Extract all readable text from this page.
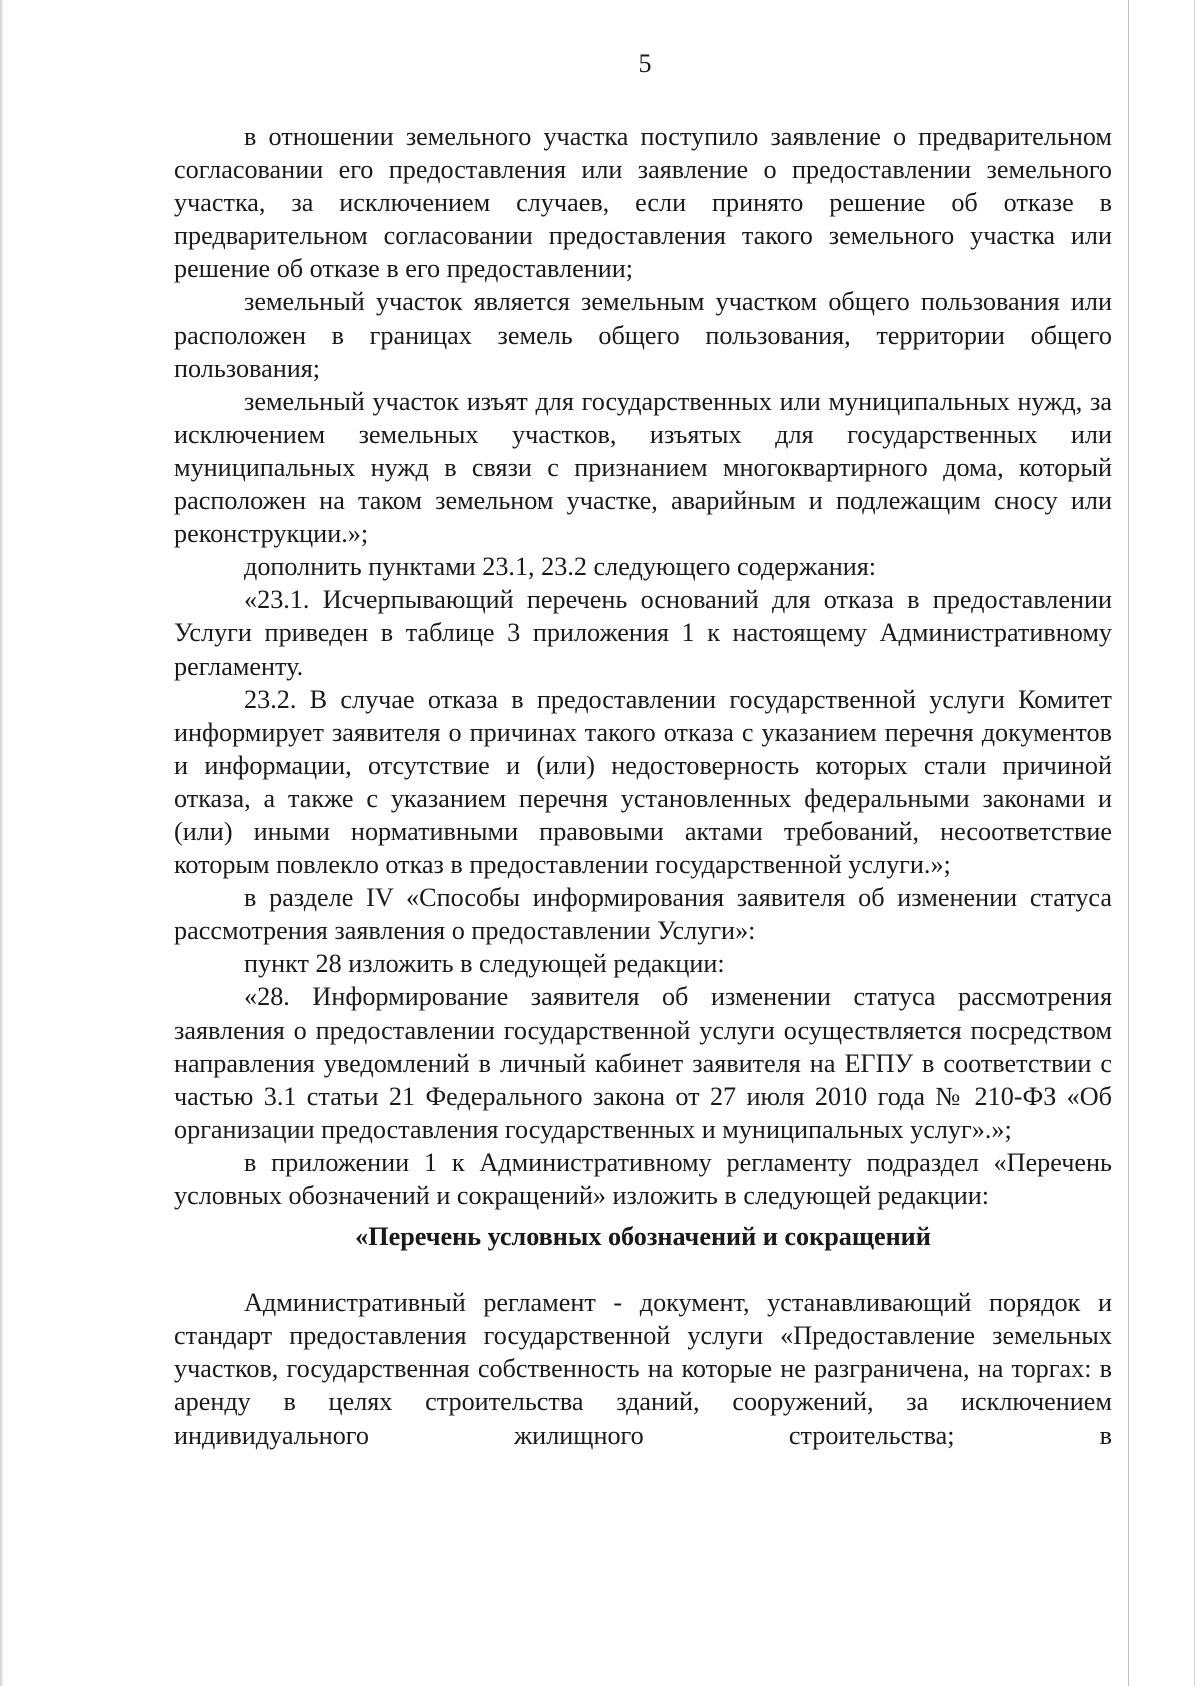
5

в отношении земельного участка поступило заявление о предварительном согласовании его предоставления или заявление о предоставлении земельного участка, за исключением случаев, если принято решение об отказе в предварительном согласовании предоставления такого земельного участка или решение об отказе в его предоставлении;

земельный участок является земельным участком общего пользования или расположен в границах земель общего пользования, территории общего пользования;

земельный участок изъят для государственных или муниципальных нужд, за исключением земельных участков, изъятых для государственных или муниципальных нужд в связи с признанием многоквартирного дома, который расположен на таком земельном участке, аварийным и подлежащим сносу или реконструкции.»;

дополнить пунктами 23.1, 23.2 следующего содержания:

«23.1. Исчерпывающий перечень оснований для отказа в предоставлении Услуги приведен в таблице 3 приложения 1 к настоящему Административному регламенту.

23.2. В случае отказа в предоставлении государственной услуги Комитет информирует заявителя о причинах такого отказа с указанием перечня документов и информации, отсутствие и (или) недостоверность которых стали причиной отказа, а также с указанием перечня установленных федеральными законами и (или) иными нормативными правовыми актами требований, несоответствие которым повлекло отказ в предоставлении государственной услуги.»;

в разделе IV «Способы информирования заявителя об изменении статуса рассмотрения заявления о предоставлении Услуги»:

пункт 28 изложить в следующей редакции:

«28. Информирование заявителя об изменении статуса рассмотрения заявления о предоставлении государственной услуги осуществляется посредством направления уведомлений в личный кабинет заявителя на ЕГПУ в соответствии с частью 3.1 статьи 21 Федерального закона от 27 июля 2010 года № 210-ФЗ «Об организации предоставления государственных и муниципальных услуг».»;

в приложении 1 к Административному регламенту подраздел «Перечень условных обозначений и сокращений» изложить в следующей редакции:

«Перечень условных обозначений и сокращений

Административный регламент - документ, устанавливающий порядок и стандарт предоставления государственной услуги «Предоставление земельных участков, государственная собственность на которые не разграничена, на торгах: в аренду в целях строительства зданий, сооружений, за исключением индивидуального жилищного строительства; в
